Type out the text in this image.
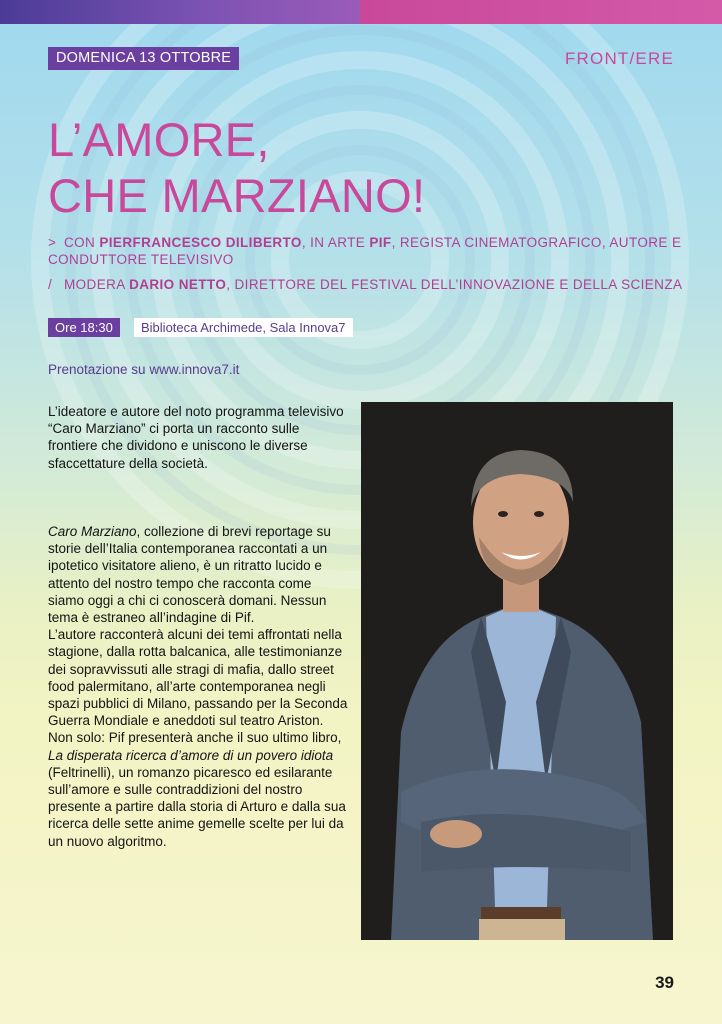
DOMENICA 13 OTTOBRE	FRONT/ERE
L’AMORE,
CHE MARZIANO!
> CON PIERFRANCESCO DILIBERTO, IN ARTE PIF, REGISTA CINEMATOGRAFICO, AUTORE E CONDUTTORE TELEVISIVO
/ MODERA DARIO NETTO, DIRETTORE DEL FESTIVAL DELL’INNOVAZIONE E DELLA SCIENZA
Ore 18:30	Biblioteca Archimede, Sala Innova7
Prenotazione su www.innova7.it

L’ideatore e autore del noto programma televisivo “Caro Marziano” ci porta un racconto sulle frontiere che dividono e uniscono le diverse sfaccettature della società.

Caro Marziano, collezione di brevi reportage su storie dell’Italia contemporanea raccontati a un ipotetico visitatore alieno, è un ritratto lucido e attento del nostro tempo che racconta come siamo oggi a chi ci conoscerà domani. Nessun tema è estraneo all’indagine di Pif.
L’autore racconterà alcuni dei temi affrontati nella stagione, dalla rotta balcanica, alle testimonianze dei sopravvissuti alle stragi di mafia, dallo street food palermitano, all’arte contemporanea negli spazi pubblici di Milano, passando per la Seconda Guerra Mondiale e aneddoti sul teatro Ariston.
Non solo: Pif presenterà anche il suo ultimo libro, La disperata ricerca d’amore di un povero idiota (Feltrinelli), un romanzo picaresco ed esilarante sull’amore e sulle contraddizioni del nostro presente a partire dalla storia di Arturo e dalla sua ricerca delle sette anime gemelle scelte per lui da un nuovo algoritmo.

39
